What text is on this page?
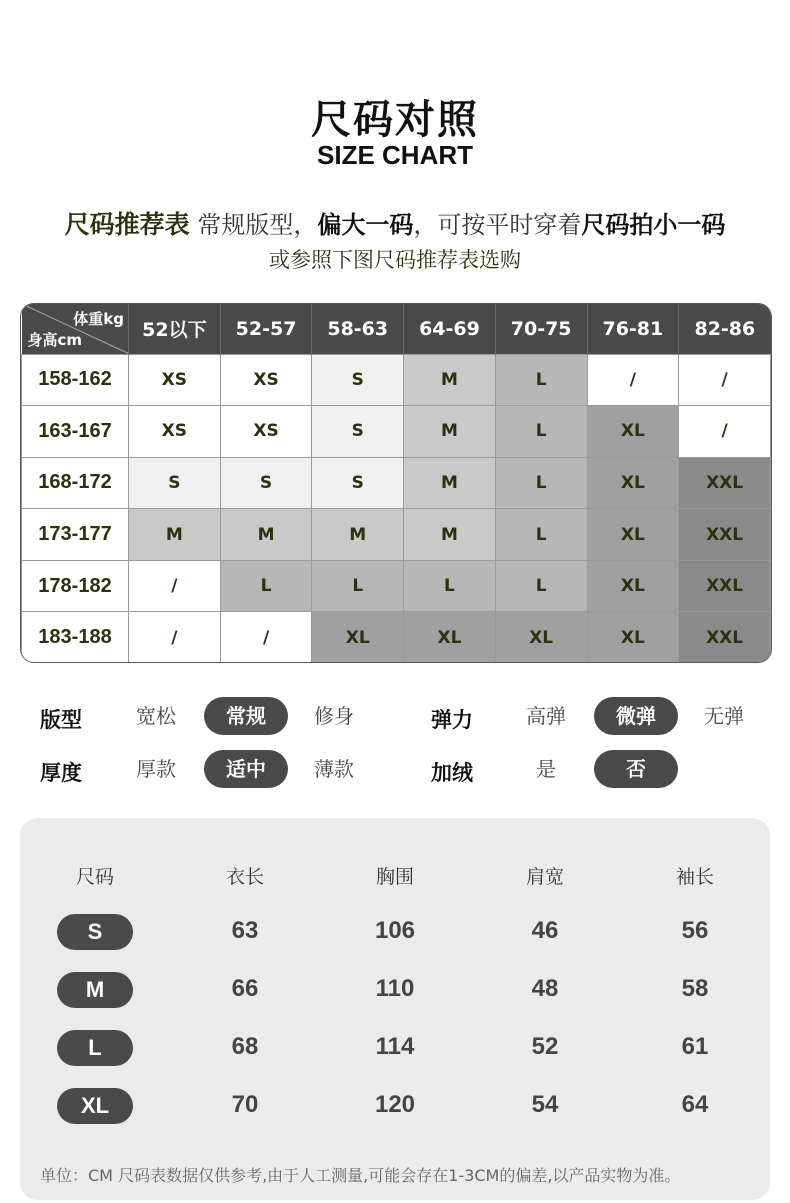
尺码对照
SIZE CHART
尺码推荐表 常规版型，偏大一码，可按平时穿着尺码拍小一码
或参照下图尺码推荐表选购
体重kg
身高cm	52以下	52-57	58-63	64-69	70-75	76-81	82-86
158-162	XS	XS	S	M	L	/	/
163-167	XS	XS	S	M	L	XL	/
168-172	S	S	S	M	L	XL	XXL
173-177	M	M	M	M	L	XL	XXL
178-182	/	L	L	L	L	XL	XXL
183-188	/	/	XL	XL	XL	XL	XXL
版型	宽松	常规	修身	弹力	高弹	微弹	无弹
厚度	厚款	适中	薄款	加绒	是	否
尺码	衣长	胸围	肩宽	袖长
S	63	106	46	56
M	66	110	48	58
L	68	114	52	61
XL	70	120	54	64
单位：CM 尺码表数据仅供参考,由于人工测量,可能会存在1-3CM的偏差,以产品实物为准。
